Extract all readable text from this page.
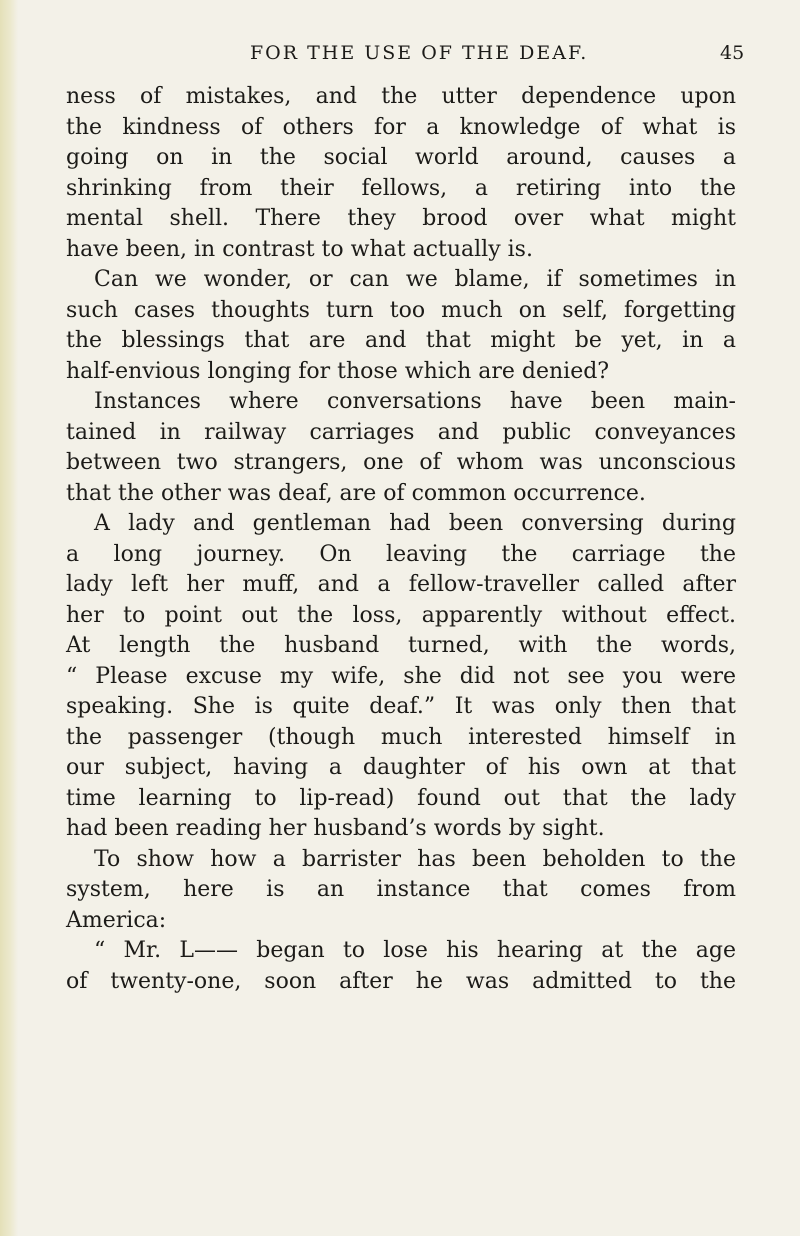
FOR THE USE OF THE DEAF.	45
ness of mistakes, and the utter dependence upon
the kindness of others for a knowledge of what is
going on in the social world around, causes a
shrinking from their fellows, a retiring into the
mental shell. There they brood over what might
have been, in contrast to what actually is.
Can we wonder, or can we blame, if sometimes in
such cases thoughts turn too much on self, forgetting
the blessings that are and that might be yet, in a
half-envious longing for those which are denied?
Instances where conversations have been main-
tained in railway carriages and public conveyances
between two strangers, one of whom was unconscious
that the other was deaf, are of common occurrence.
A lady and gentleman had been conversing during
a long journey. On leaving the carriage the
lady left her muff, and a fellow-traveller called after
her to point out the loss, apparently without effect.
At length the husband turned, with the words,
“ Please excuse my wife, she did not see you were
speaking. She is quite deaf.” It was only then that
the passenger (though much interested himself in
our subject, having a daughter of his own at that
time learning to lip-read) found out that the lady
had been reading her husband’s words by sight.
To show how a barrister has been beholden to the
system, here is an instance that comes from
America:
“ Mr. L—— began to lose his hearing at the age
of twenty-one, soon after he was admitted to the
